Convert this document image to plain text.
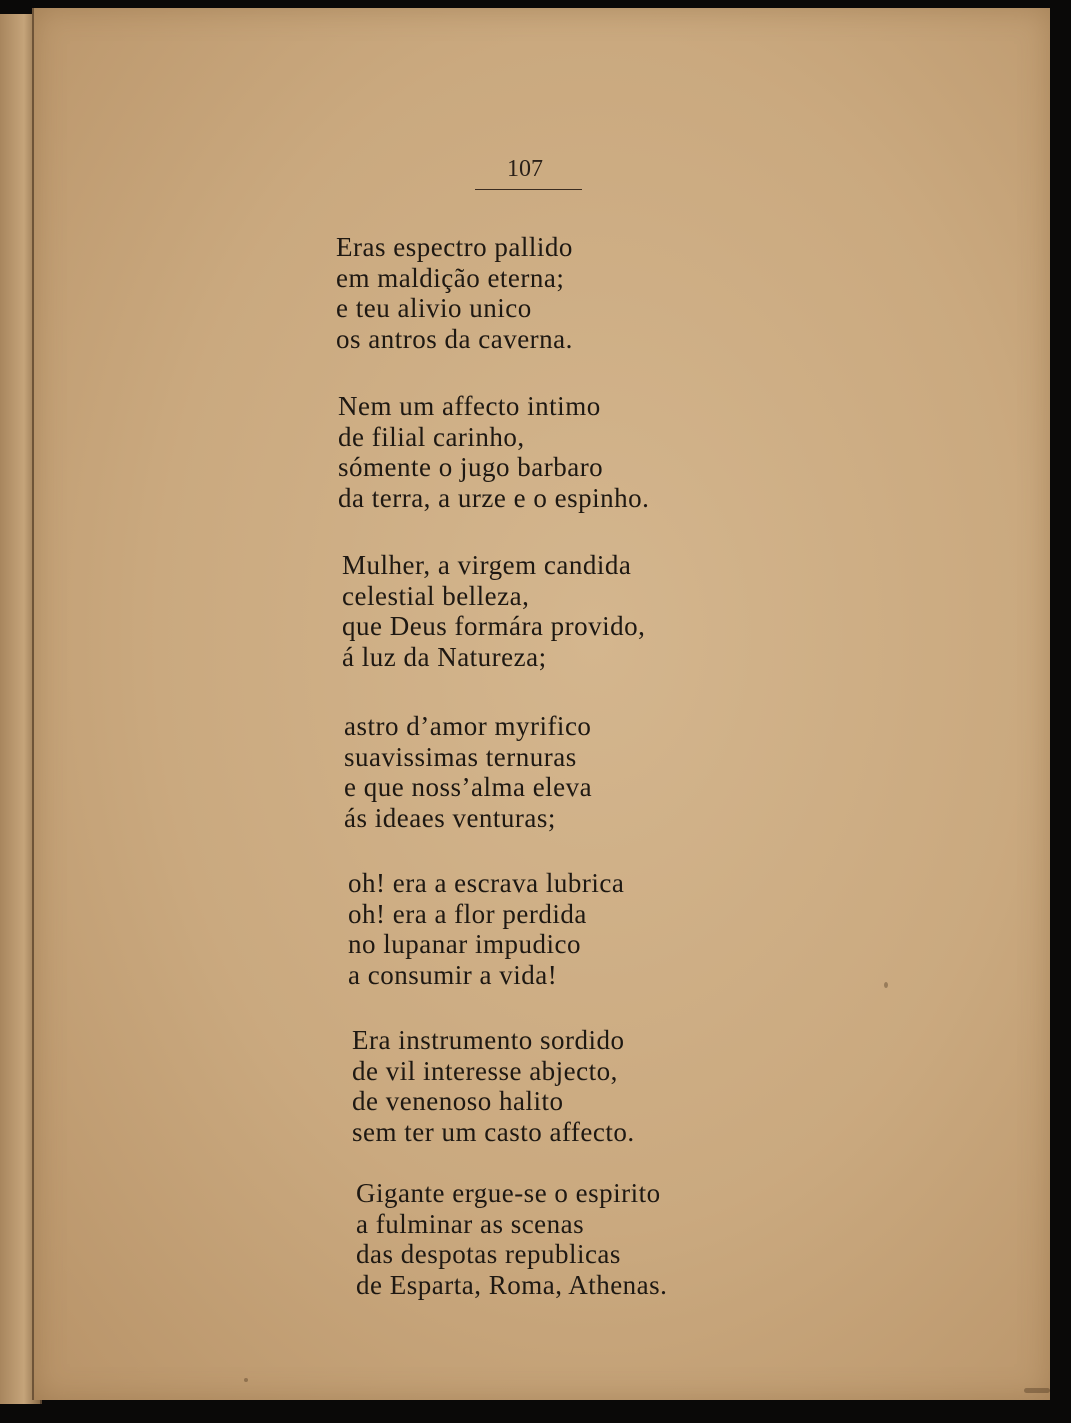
107
Eras espectro pallido
em maldição eterna;
e teu alivio unico
os antros da caverna.
Nem um affecto intimo
de filial carinho,
sómente o jugo barbaro
da terra, a urze e o espinho.
Mulher, a virgem candida
celestial belleza,
que Deus formára provido,
á luz da Natureza;
astro d’amor myrifico
suavissimas ternuras
e que noss’alma eleva
ás ideaes venturas;
oh! era a escrava lubrica
oh! era a flor perdida
no lupanar impudico
a consumir a vida!
Era instrumento sordido
de vil interesse abjecto,
de venenoso halito
sem ter um casto affecto.
Gigante ergue-se o espirito
a fulminar as scenas
das despotas republicas
de Esparta, Roma, Athenas.
